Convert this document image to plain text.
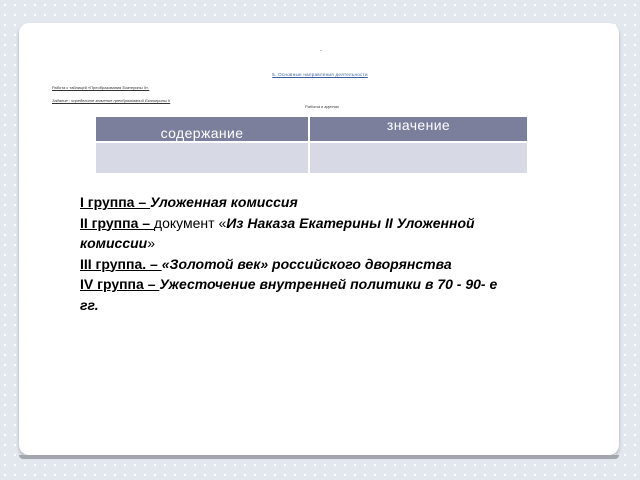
-
5. Основные направления деятельности
Работа с таблицей «Преобразования Екатерины II».
Задание : определите значение преобразований Екатерины II
Работа в группах
содержание	значение

I группа – Уложенная комиссия

II группа – документ «Из Наказа Екатерины II Уложенной комиссии»

III группа. – «Золотой век» российского дворянства

IV группа – Ужесточение внутренней политики в 70 - 90- е гг.
